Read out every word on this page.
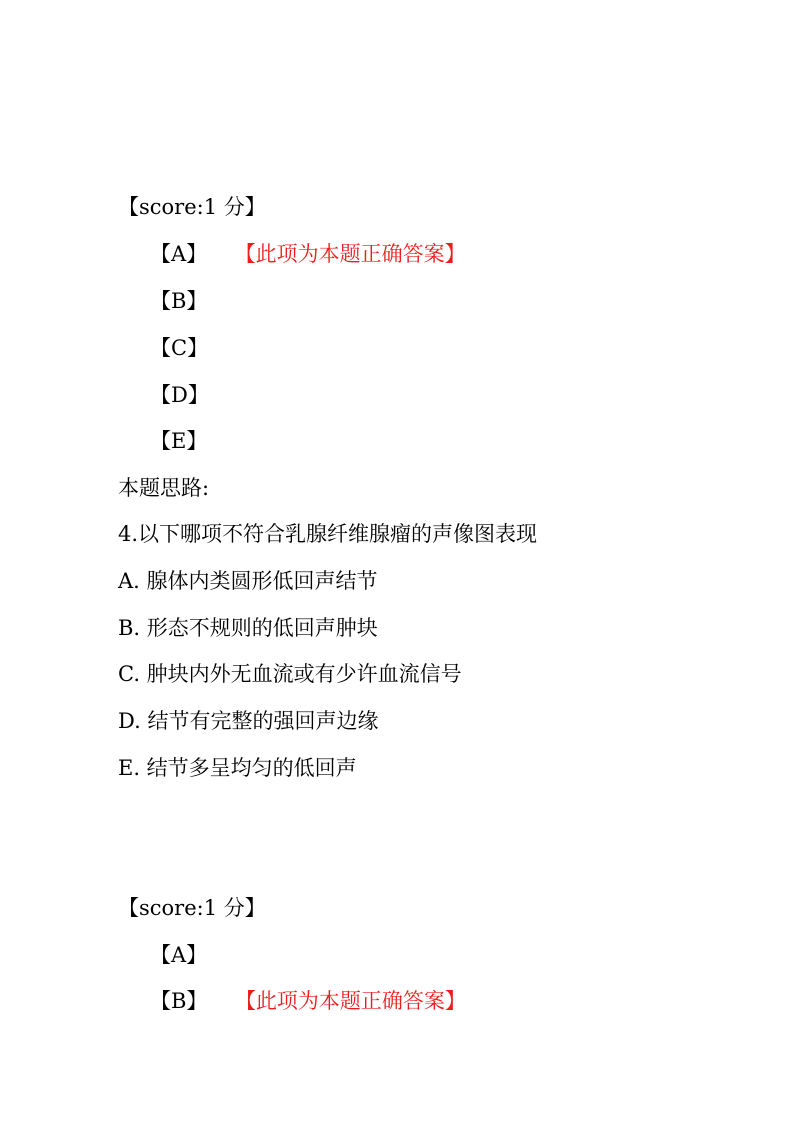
【score:1 分】
【A】 【此项为本题正确答案】
【B】
【C】
【D】
【E】
本题思路:
4.以下哪项不符合乳腺纤维腺瘤的声像图表现
A. 腺体内类圆形低回声结节
B. 形态不规则的低回声肿块
C. 肿块内外无血流或有少许血流信号
D. 结节有完整的强回声边缘
E. 结节多呈均匀的低回声
【score:1 分】
【A】
【B】 【此项为本题正确答案】
